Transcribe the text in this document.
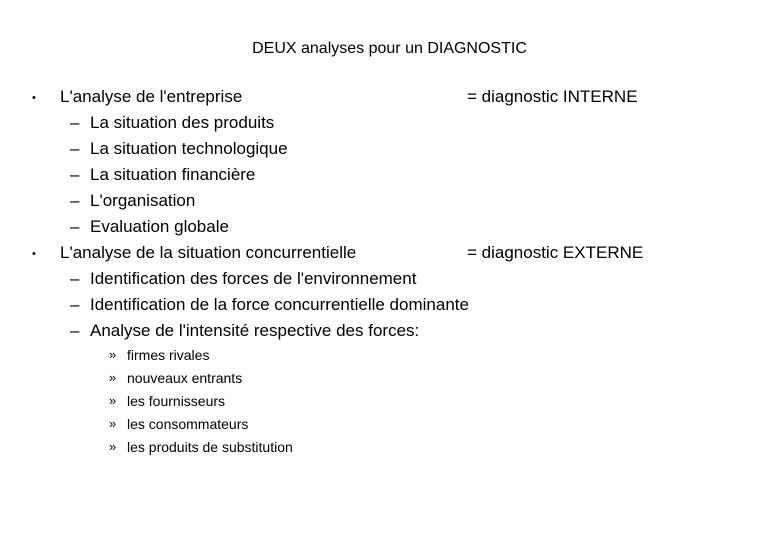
DEUX analyses pour un DIAGNOSTIC
• L'analyse de l'entreprise	= diagnostic INTERNE
– La situation des produits
– La situation technologique
– La situation financière
– L'organisation
– Evaluation globale
• L'analyse de la situation concurrentielle	= diagnostic EXTERNE
– Identification des forces de l'environnement
– Identification de la force concurrentielle dominante
– Analyse de l'intensité respective des forces:
» firmes rivales
» nouveaux entrants
» les fournisseurs
» les consommateurs
» les produits de substitution
